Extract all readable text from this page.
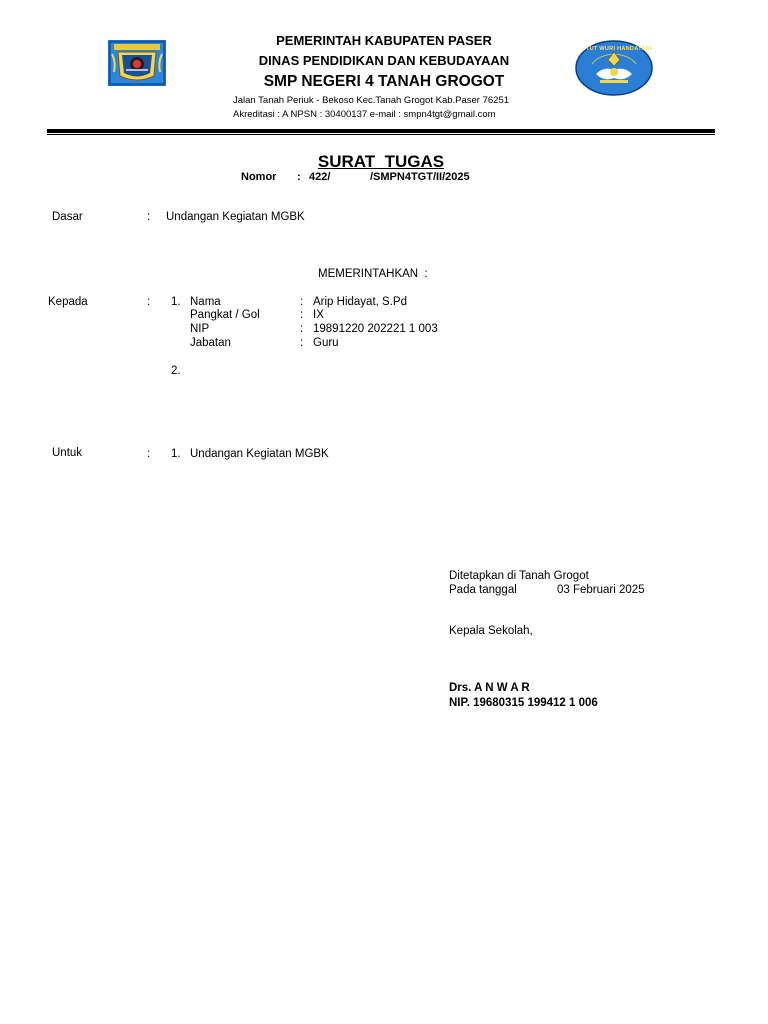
TUT WURI HANDAYANI
PEMERINTAH KABUPATEN PASER
DINAS PENDIDIKAN DAN KEBUDAYAAN
SMP NEGERI 4 TANAH GROGOT
Jalan Tanah Periuk - Bekoso Kec.Tanah Grogot Kab.Paser 76251
Akreditasi : A NPSN : 30400137 e-mail : smpn4tgt@gmail.com
SURAT  TUGAS
Nomor : 422/	/SMPN4TGT/II/2025
Dasar	: Undangan Kegiatan MGBK
MEMERINTAHKAN  :
Kepada	: 1. Nama	: Arip Hidayat, S.Pd
Pangkat / Gol	: IX
NIP	: 19891220 202221 1 003
Jabatan	: Guru
2.
Untuk	: 1. Undangan Kegiatan MGBK
Ditetapkan di Tanah Grogot
Pada tanggal	03 Februari 2025
Kepala Sekolah,
Drs. A N W A R
NIP. 19680315 199412 1 006
